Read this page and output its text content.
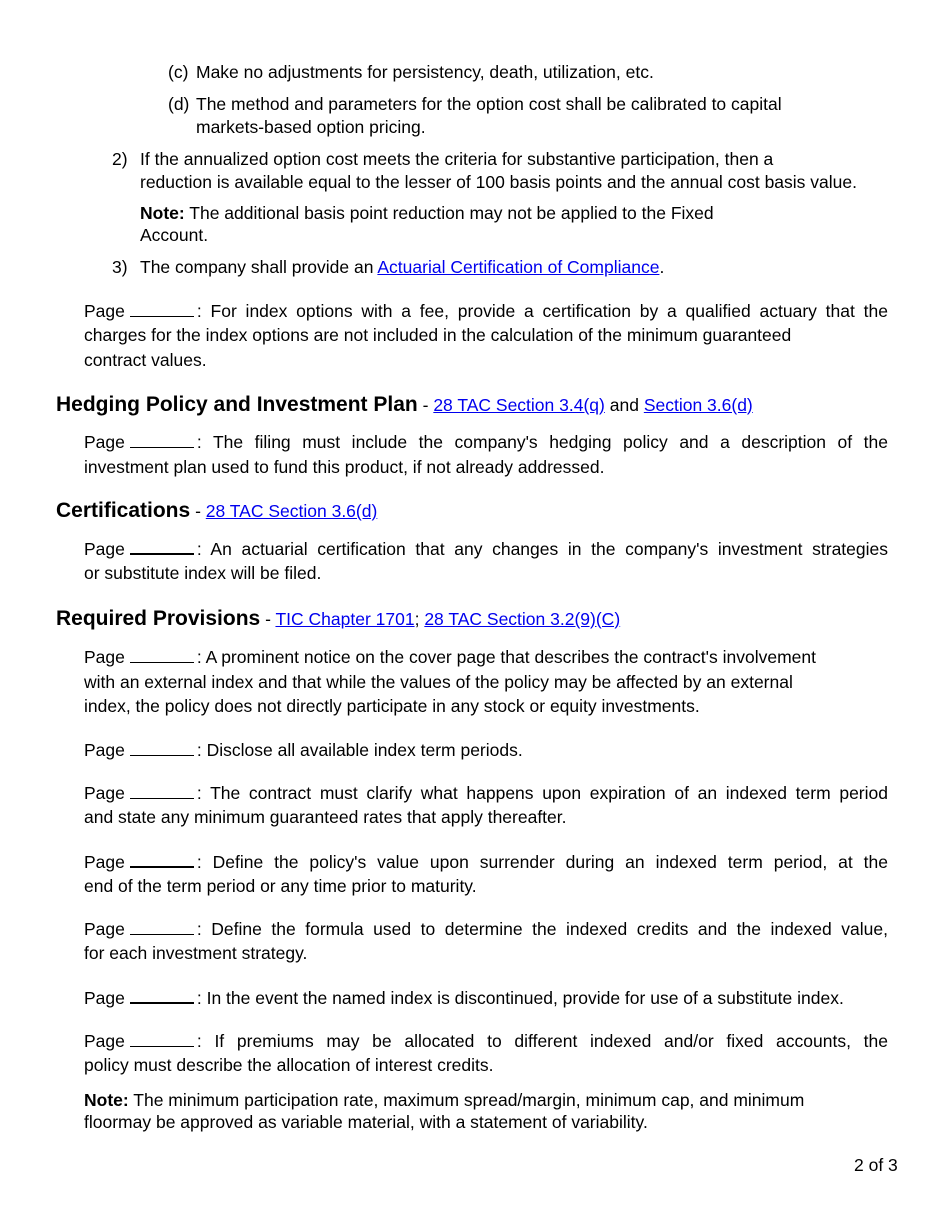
(c) Make no adjustments for persistency, death, utilization, etc.
(d) The method and parameters for the option cost shall be calibrated to capital
markets-based option pricing.
2) If the annualized option cost meets the criteria for substantive participation, then a
reduction is available equal to the lesser of 100 basis points and the annual cost basis value.
Note: The additional basis point reduction may not be applied to the Fixed
Account.
3) The company shall provide an Actuarial Certification of Compliance.
Page	: For index options with a fee, provide a certification by a qualified actuary that the
charges for the index options are not included in the calculation of the minimum guaranteed
contract values.
Hedging Policy and Investment Plan - 28 TAC Section 3.4(q) and Section 3.6(d)
Page	: The filing must include the company's hedging policy and a description of the
investment plan used to fund this product, if not already addressed.
Certifications - 28 TAC Section 3.6(d)
Page	: An actuarial certification that any changes in the company's investment strategies
or substitute index will be filed.
Required Provisions - TIC Chapter 1701; 28 TAC Section 3.2(9)(C)
Page	: A prominent notice on the cover page that describes the contract's involvement
with an external index and that while the values of the policy may be affected by an external
index, the policy does not directly participate in any stock or equity investments.
Page	: Disclose all available index term periods.
Page	: The contract must clarify what happens upon expiration of an indexed term period
and state any minimum guaranteed rates that apply thereafter.
Page	: Define the policy's value upon surrender during an indexed term period, at the
end of the term period or any time prior to maturity.
Page	: Define the formula used to determine the indexed credits and the indexed value,
for each investment strategy.
Page	: In the event the named index is discontinued, provide for use of a substitute index.
Page	: If premiums may be allocated to different indexed and/or fixed accounts, the
policy must describe the allocation of interest credits.
Note: The minimum participation rate, maximum spread/margin, minimum cap, and minimum
floormay be approved as variable material, with a statement of variability.
2 of 3
